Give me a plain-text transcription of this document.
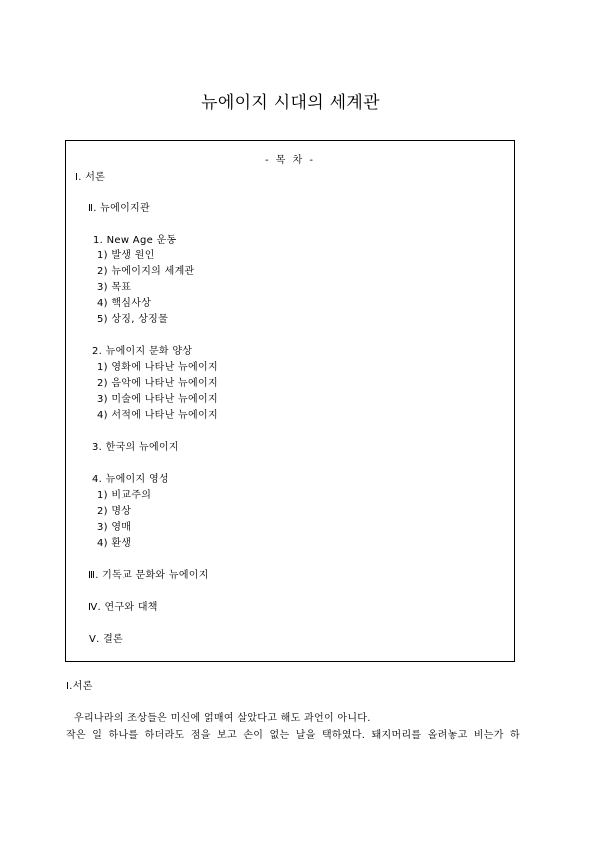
뉴에이지 시대의 세계관
- 목 차 -
Ⅰ. 서론
Ⅱ. 뉴에이지관
1. New Age 운동
1) 발생 원인
2) 뉴에이지의 세계관
3) 목표
4) 핵심사상
5) 상징, 상징물
2. 뉴에이지 문화 양상
1) 영화에 나타난 뉴에이지
2) 음악에 나타난 뉴에이지
3) 미술에 나타난 뉴에이지
4) 서적에 나타난 뉴에이지
3. 한국의 뉴에이지
4. 뉴에이지 영성
1) 비교주의
2) 명상
3) 영매
4) 환생
Ⅲ. 기독교 문화와 뉴에이지
Ⅳ. 연구와 대책
Ⅴ. 결론
Ⅰ.서론
우리나라의 조상들은 미신에 얽매여 살았다고 해도 과언이 아니다.
작은 일 하나를 하더라도 점을 보고 손이 없는 날을 택하였다. 돼지머리를 올려놓고 비는가 하
